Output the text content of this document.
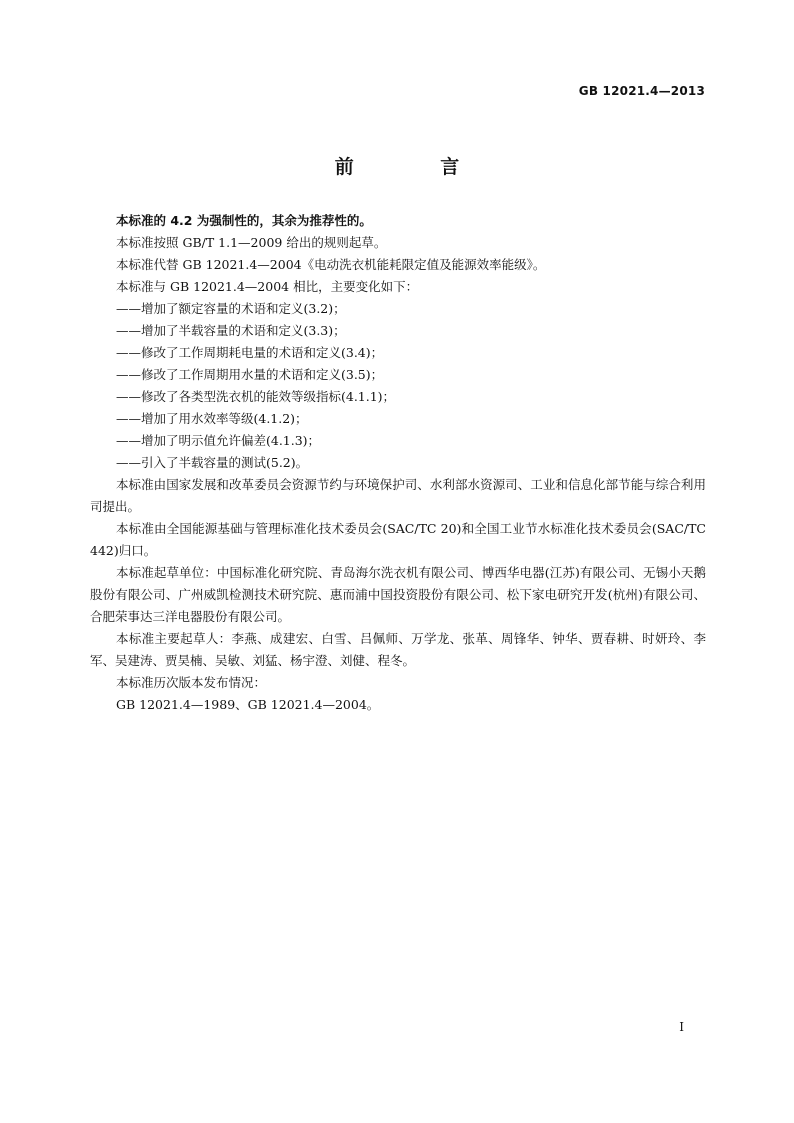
GB 12021.4—2013
前 言

本标准的 4.2 为强制性的，其余为推荐性的。

本标准按照 GB/T 1.1—2009 给出的规则起草。

本标准代替 GB 12021.4—2004《电动洗衣机能耗限定值及能源效率能级》。

本标准与 GB 12021.4—2004 相比，主要变化如下：

——增加了额定容量的术语和定义(3.2)；

——增加了半载容量的术语和定义(3.3)；

——修改了工作周期耗电量的术语和定义(3.4)；

——修改了工作周期用水量的术语和定义(3.5)；

——修改了各类型洗衣机的能效等级指标(4.1.1)；

——增加了用水效率等级(4.1.2)；

——增加了明示值允许偏差(4.1.3)；

——引入了半载容量的测试(5.2)。

本标准由国家发展和改革委员会资源节约与环境保护司、水利部水资源司、工业和信息化部节能与综合利用司提出。

本标准由全国能源基础与管理标准化技术委员会(SAC/TC 20)和全国工业节水标准化技术委员会(SAC/TC 442)归口。

本标准起草单位：中国标准化研究院、青岛海尔洗衣机有限公司、博西华电器(江苏)有限公司、无锡小天鹅股份有限公司、广州威凯检测技术研究院、惠而浦中国投资股份有限公司、松下家电研究开发(杭州)有限公司、合肥荣事达三洋电器股份有限公司。

本标准主要起草人：李燕、成建宏、白雪、吕佩师、万学龙、张革、周锋华、钟华、贾春耕、时妍玲、李军、吴建涛、贾昊楠、吴敏、刘猛、杨宇澄、刘健、程冬。

本标准历次版本发布情况：

GB 12021.4—1989、GB 12021.4—2004。

I
